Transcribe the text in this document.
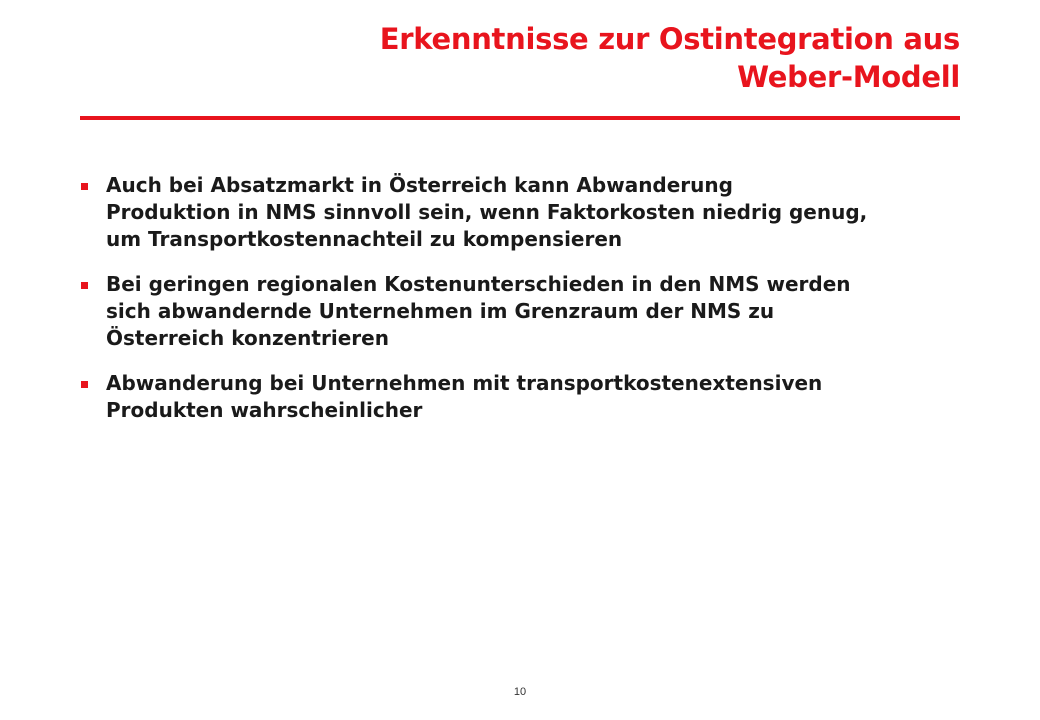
Erkenntnisse zur Ostintegration aus
Weber-Modell
Auch bei Absatzmarkt in Österreich kann Abwanderung
Produktion in NMS sinnvoll sein, wenn Faktorkosten niedrig genug,
um Transportkostennachteil zu kompensieren
Bei geringen regionalen Kostenunterschieden in den NMS werden
sich abwandernde Unternehmen im Grenzraum der NMS zu
Österreich konzentrieren
Abwanderung bei Unternehmen mit transportkostenextensiven
Produkten wahrscheinlicher
10
